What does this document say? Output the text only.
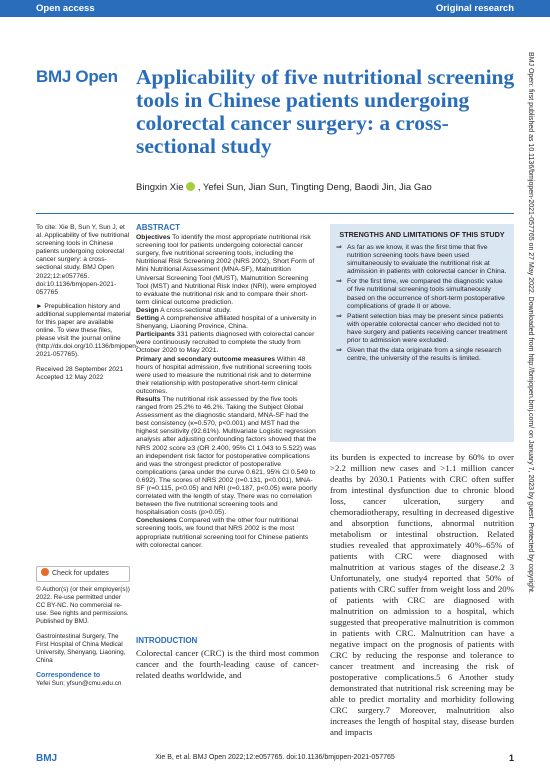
Open access	Original research
BMJ Open Applicability of five nutritional screening tools in Chinese patients undergoing colorectal cancer surgery: a cross-sectional study
Bingxin Xie , Yefei Sun, Jian Sun, Tingting Deng, Baodi Jin, Jia Gao

To cite: Xie B, Sun Y, Sun J, et al. Applicability of five nutritional screening tools in Chinese patients undergoing colorectal cancer surgery: a cross-sectional study. BMJ Open 2022;12:e057765. doi:10.1136/bmjopen-2021-057765

► Prepublication history and additional supplemental material for this paper are available online. To view these files, please visit the journal online (http://dx.doi.org/10.1136/bmjopen-2021-057765).

Received 28 September 2021

Accepted 12 May 2022

Check for updates

© Author(s) (or their employer(s)) 2022. Re-use permitted under CC BY-NC. No commercial re-use. See rights and permissions. Published by BMJ.

Gastrointestinal Surgery, The First Hospital of China Medical University, Shenyang, Liaoning, China

Correspondence to
Yefei Sun; yfsun@cmu.edu.cn
ABSTRACT

Objectives To identify the most appropriate nutritional risk screening tool for patients undergoing colorectal cancer surgery, five nutritional screening tools, including the Nutritional Risk Screening 2002 (NRS 2002), Short Form of Mini Nutritional Assessment (MNA-SF), Malnutrition Universal Screening Tool (MUST), Malnutrition Screening Tool (MST) and Nutritional Risk Index (NRI), were employed to evaluate the nutritional risk and to compare their short-term clinical outcome prediction.

Design A cross-sectional study.

Setting A comprehensive affiliated hospital of a university in Shenyang, Liaoning Province, China.

Participants 331 patients diagnosed with colorectal cancer were continuously recruited to complete the study from October 2020 to May 2021.

Primary and secondary outcome measures Within 48 hours of hospital admission, five nutritional screening tools were used to measure the nutritional risk and to determine their relationship with postoperative short-term clinical outcomes.

Results The nutritional risk assessed by the five tools ranged from 25.2% to 46.2%. Taking the Subject Global Assessment as the diagnostic standard, MNA-SF had the best consistency (κ=0.570, p<0.001) and MST had the highest sensitivity (92.61%). Multivariate Logistic regression analysis after adjusting confounding factors showed that the NRS 2002 score ≥3 (OR 2.400, 95% CI 1.043 to 5.522) was an independent risk factor for postoperative complications and was the strongest predictor of postoperative complications (area under the curve 0.621, 95% CI 0.549 to 0.692). The scores of NRS 2002 (r=0.131, p<0.001), MNA-SF (r=0.115, p<0.05) and NRI (r=0.187, p<0.05) were poorly correlated with the length of stay. There was no correlation between the five nutritional screening tools and hospitalisation costs (p>0.05).

Conclusions Compared with the other four nutritional screening tools, we found that NRS 2002 is the most appropriate nutritional screening tool for Chinese patients with colorectal cancer.

INTRODUCTION
Colorectal cancer (CRC) is the third most common cancer and the fourth-leading cause of cancer-related deaths worldwide, and
STRENGTHS AND LIMITATIONS OF THIS STUDY
⇒ As far as we know, it was the first time that five nutrition screening tools have been used simultaneously to evaluate the nutritional risk at admission in patients with colorectal cancer in China.
⇒ For the first time, we compared the diagnostic value of five nutritional screening tools simultaneously based on the occurrence of short-term postoperative complications of grade II or above.
⇒ Patient selection bias may be present since patients with operable colorectal cancer who decided not to have surgery and patients receiving cancer treatment prior to admission were excluded.
⇒ Given that the data originate from a single research centre, the university of the results is limited.
its burden is expected to increase by 60% to over >2.2 million new cases and >1.1 million cancer deaths by 2030.1 Patients with CRC often suffer from intestinal dysfunction due to chronic blood loss, cancer ulceration, surgery and chemoradiotherapy, resulting in decreased digestive and absorption functions, abnormal nutrition metabolism or intestinal obstruction. Related studies revealed that approximately 40%–65% of patients with CRC were diagnosed with malnutrition at various stages of the disease.2 3 Unfortunately, one study4 reported that 50% of patients with CRC suffer from weight loss and 20% of patients with CRC are diagnosed with malnutrition on admission to a hospital, which suggested that preoperative malnutrition is common in patients with CRC. Malnutrition can have a negative impact on the prognosis of patients with CRC by reducing the response and tolerance to cancer treatment and increasing the risk of postoperative complications.5 6 Another study demonstrated that nutritional risk screening may be able to predict mortality and morbidity following CRC surgery.7 Moreover, malnutrition also increases the length of hospital stay, disease burden and impacts
BMJ Open: first published as 10.1136/bmjopen-2021-057765 on 27 May 2022. Downloaded from http://bmjopen.bmj.com/ on January 7, 2023 by guest. Protected by copyright.
BMJ	Xie B, et al. BMJ Open 2022;12:e057765. doi:10.1136/bmjopen-2021-057765	1
